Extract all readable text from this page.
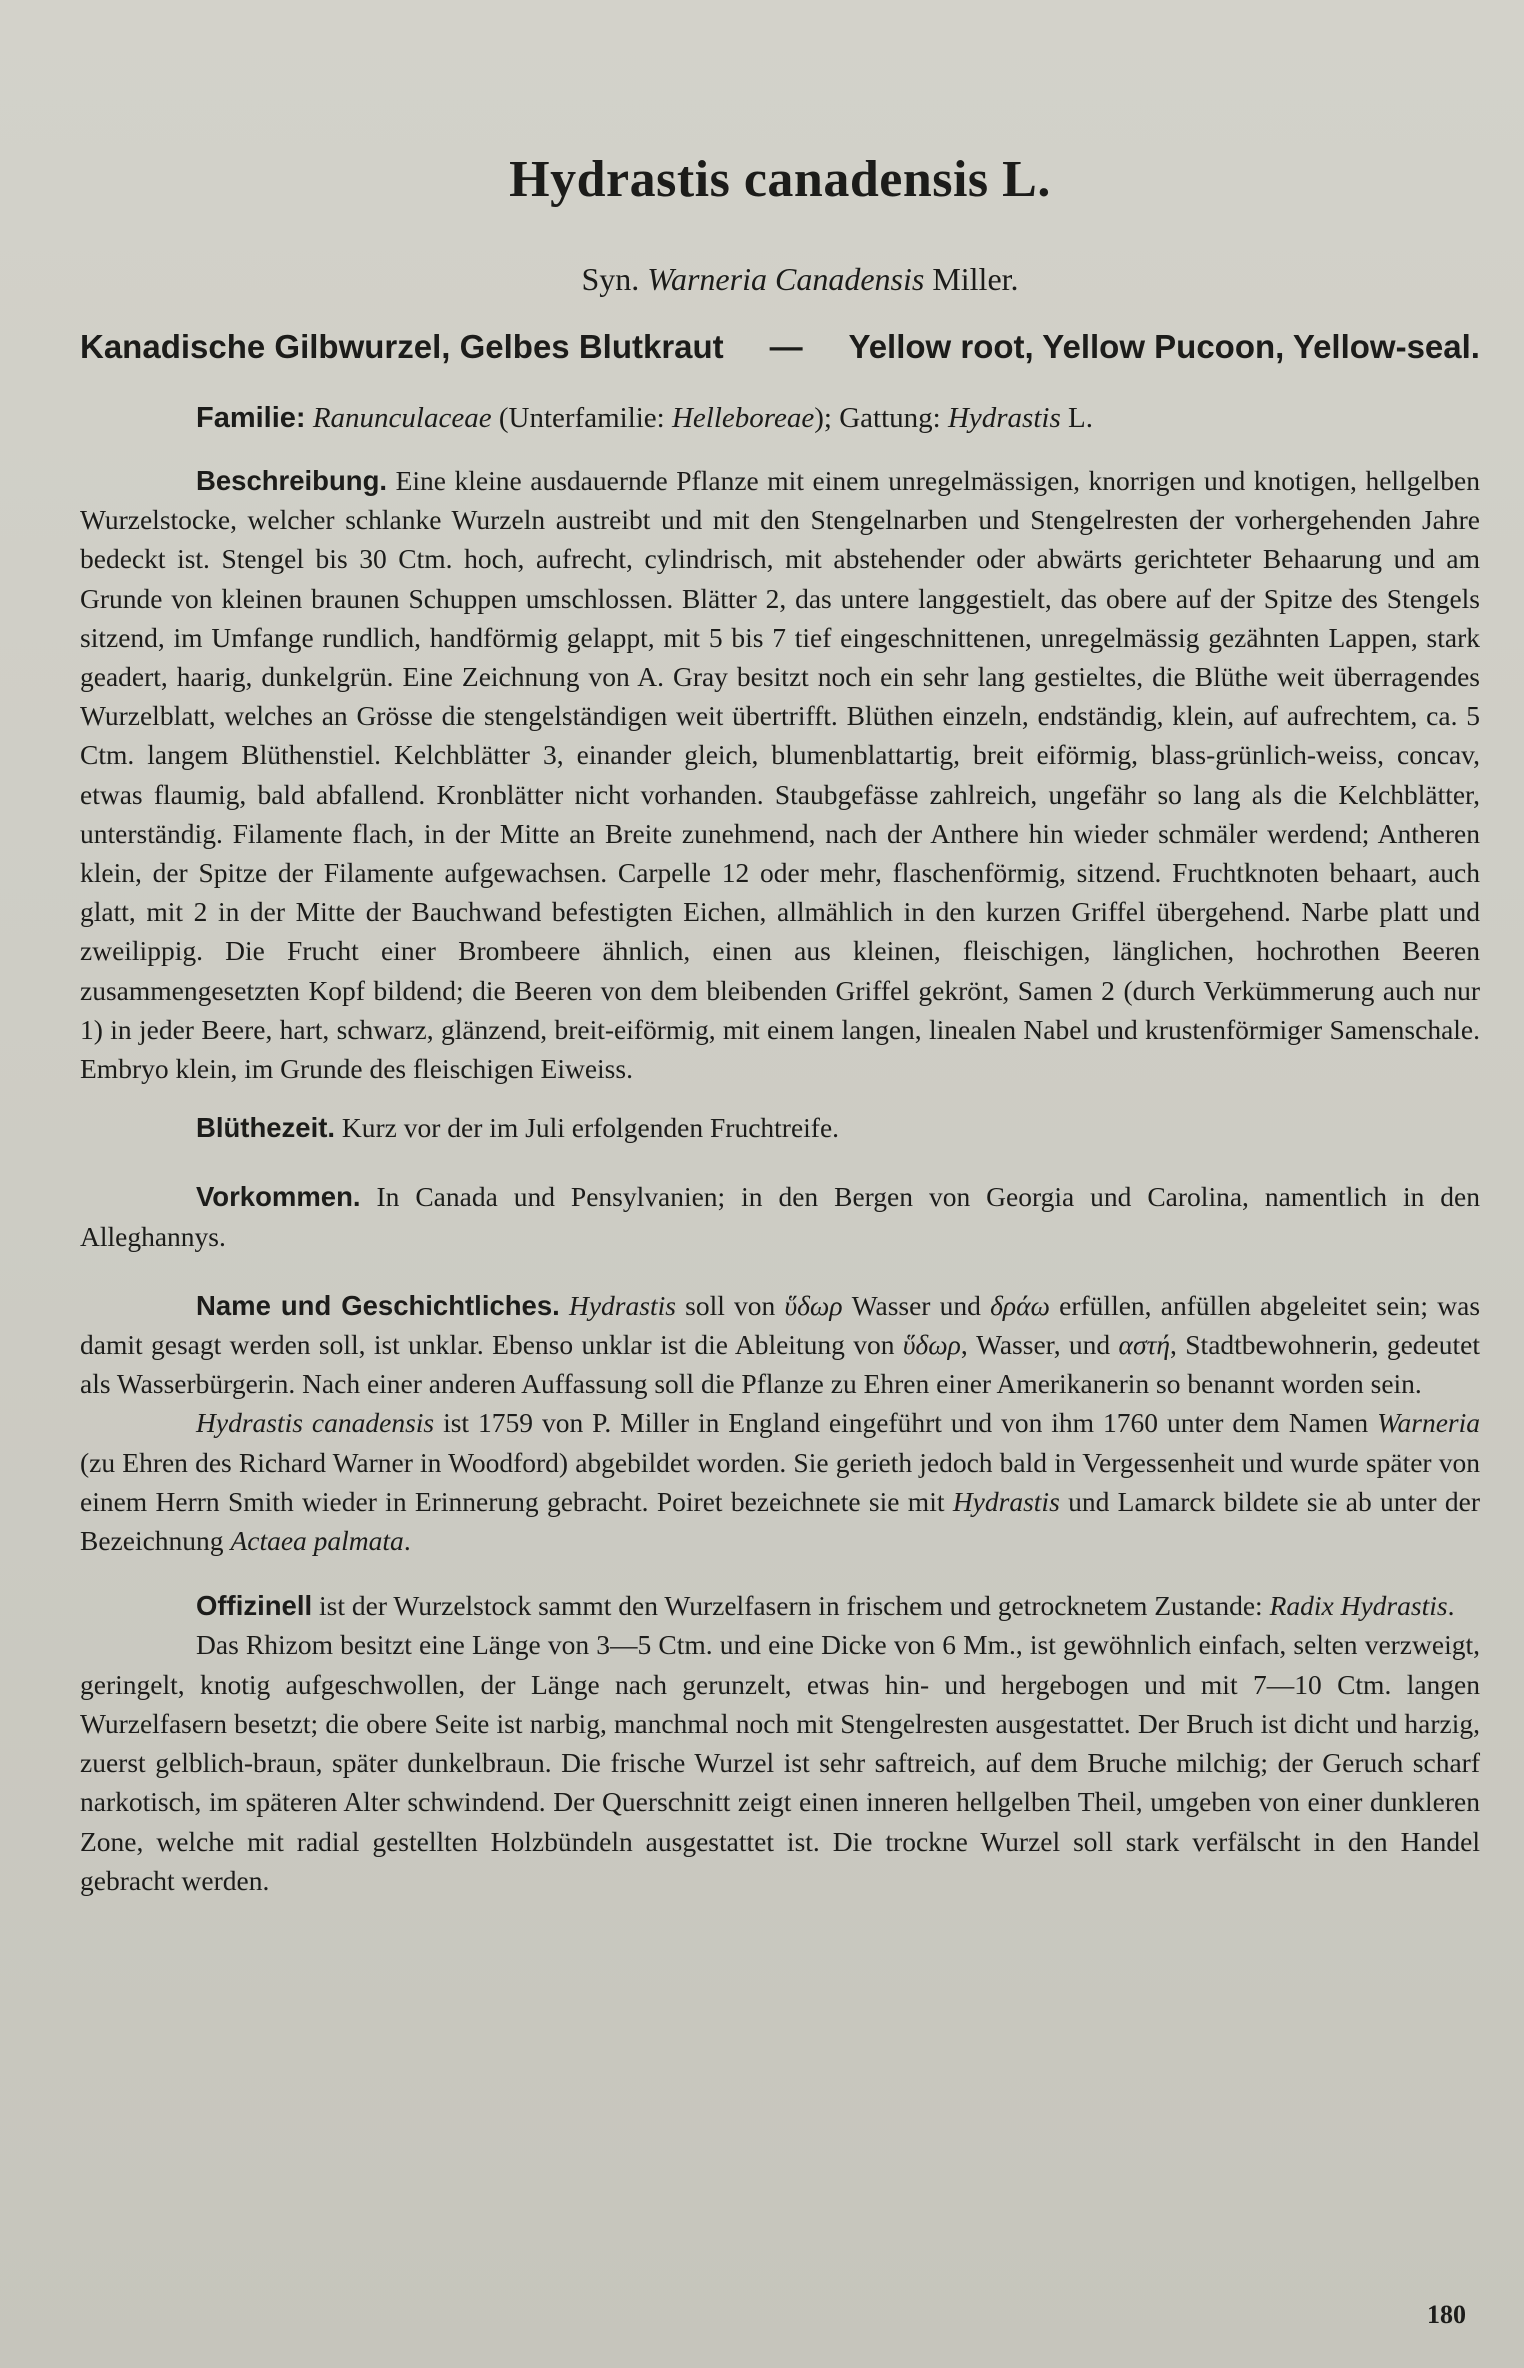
Hydrastis canadensis L.
Syn. Warneria Canadensis Miller.
Kanadische Gilbwurzel, Gelbes Blutkraut — Yellow root, Yellow Pucoon, Yellow-seal.
Familie: Ranunculaceae (Unterfamilie: Helleboreae); Gattung: Hydrastis L.

Beschreibung. Eine kleine ausdauernde Pflanze mit einem unregelmässigen, knorrigen und knotigen, hellgelben Wurzelstocke, welcher schlanke Wurzeln austreibt und mit den Stengelnarben und Stengelresten der vorhergehenden Jahre bedeckt ist. Stengel bis 30 Ctm. hoch, aufrecht, cylindrisch, mit abstehender oder abwärts gerichteter Behaarung und am Grunde von kleinen braunen Schuppen umschlossen. Blätter 2, das untere langgestielt, das obere auf der Spitze des Stengels sitzend, im Umfange rundlich, handförmig gelappt, mit 5 bis 7 tief eingeschnittenen, unregelmässig gezähnten Lappen, stark geadert, haarig, dunkelgrün. Eine Zeichnung von A. Gray besitzt noch ein sehr lang gestieltes, die Blüthe weit überragendes Wurzelblatt, welches an Grösse die stengelständigen weit übertrifft. Blüthen einzeln, endständig, klein, auf aufrechtem, ca. 5 Ctm. langem Blüthenstiel. Kelchblätter 3, einander gleich, blumenblattartig, breit eiförmig, blass-grünlich-weiss, concav, etwas flaumig, bald abfallend. Kronblätter nicht vorhanden. Staubgefässe zahlreich, ungefähr so lang als die Kelchblätter, unterständig. Filamente flach, in der Mitte an Breite zunehmend, nach der Anthere hin wieder schmäler werdend; Antheren klein, der Spitze der Filamente aufgewachsen. Carpelle 12 oder mehr, flaschenförmig, sitzend. Fruchtknoten behaart, auch glatt, mit 2 in der Mitte der Bauchwand befestigten Eichen, allmählich in den kurzen Griffel übergehend. Narbe platt und zweilippig. Die Frucht einer Brombeere ähnlich, einen aus kleinen, fleischigen, länglichen, hochrothen Beeren zusammengesetzten Kopf bildend; die Beeren von dem bleibenden Griffel gekrönt, Samen 2 (durch Verkümmerung auch nur 1) in jeder Beere, hart, schwarz, glänzend, breit-eiförmig, mit einem langen, linealen Nabel und krustenförmiger Samenschale. Embryo klein, im Grunde des fleischigen Eiweiss.

Blüthezeit. Kurz vor der im Juli erfolgenden Fruchtreife.

Vorkommen. In Canada und Pensylvanien; in den Bergen von Georgia und Carolina, namentlich in den Alleghannys.

Name und Geschichtliches. Hydrastis soll von ὕδωρ Wasser und δράω erfüllen, anfüllen abgeleitet sein; was damit gesagt werden soll, ist unklar. Ebenso unklar ist die Ableitung von ὕδωρ, Wasser, und αστή, Stadtbewohnerin, gedeutet als Wasserbürgerin. Nach einer anderen Auffassung soll die Pflanze zu Ehren einer Amerikanerin so benannt worden sein.

Hydrastis canadensis ist 1759 von P. Miller in England eingeführt und von ihm 1760 unter dem Namen Warneria (zu Ehren des Richard Warner in Woodford) abgebildet worden. Sie gerieth jedoch bald in Vergessenheit und wurde später von einem Herrn Smith wieder in Erinnerung gebracht. Poiret bezeichnete sie mit Hydrastis und Lamarck bildete sie ab unter der Bezeichnung Actaea palmata.

Offizinell ist der Wurzelstock sammt den Wurzelfasern in frischem und getrocknetem Zustande: Radix Hydrastis.

Das Rhizom besitzt eine Länge von 3—5 Ctm. und eine Dicke von 6 Mm., ist gewöhnlich einfach, selten verzweigt, geringelt, knotig aufgeschwollen, der Länge nach gerunzelt, etwas hin- und hergebogen und mit 7—10 Ctm. langen Wurzelfasern besetzt; die obere Seite ist narbig, manchmal noch mit Stengelresten ausgestattet. Der Bruch ist dicht und harzig, zuerst gelblich-braun, später dunkelbraun. Die frische Wurzel ist sehr saftreich, auf dem Bruche milchig; der Geruch scharf narkotisch, im späteren Alter schwindend. Der Querschnitt zeigt einen inneren hellgelben Theil, umgeben von einer dunkleren Zone, welche mit radial gestellten Holzbündeln ausgestattet ist. Die trockne Wurzel soll stark verfälscht in den Handel gebracht werden.

180
